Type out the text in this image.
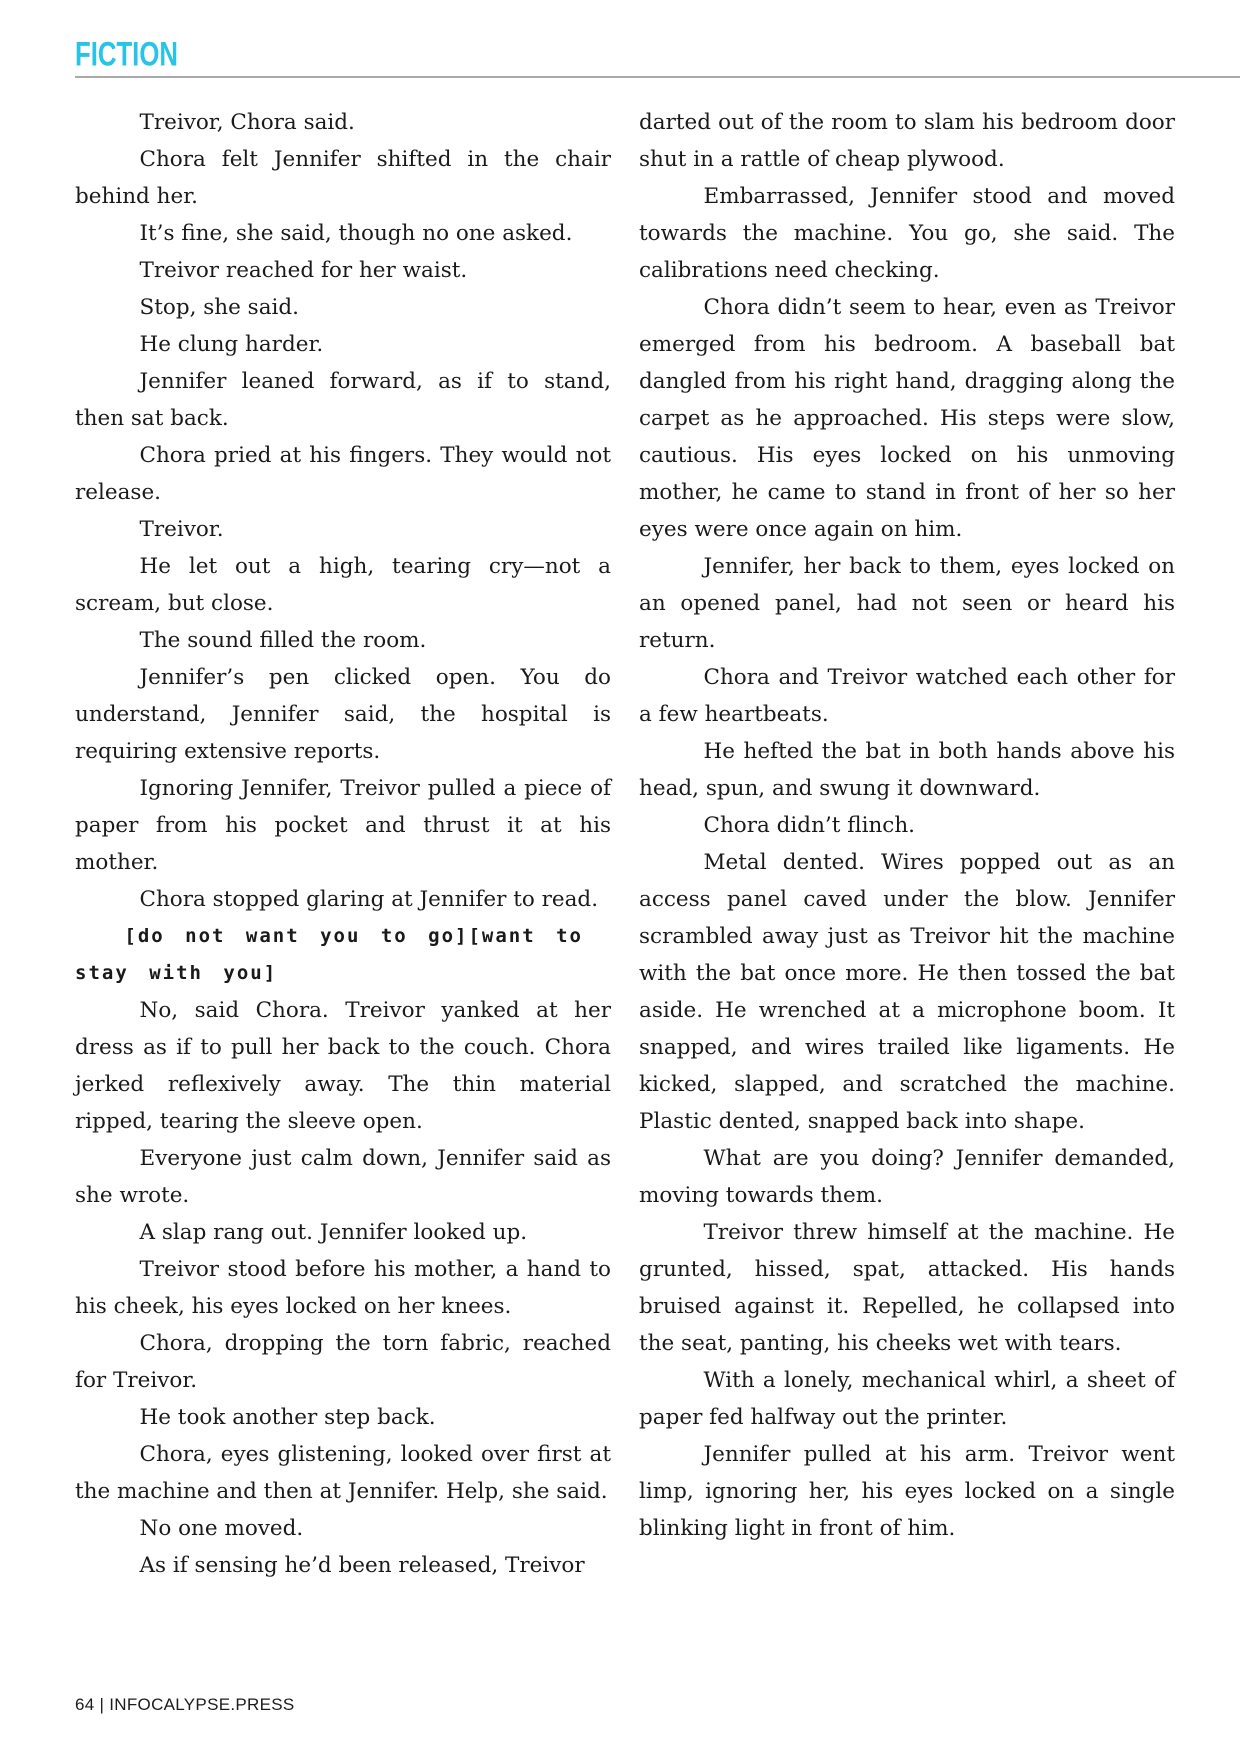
FICTION

Treivor, Chora said.

Chora felt Jennifer shifted in the chair behind her.

It’s fine, she said, though no one asked.

Treivor reached for her waist.

Stop, she said.

He clung harder.

Jennifer leaned forward, as if to stand, then sat back.

Chora pried at his fingers. They would not release.

Treivor.

He let out a high, tearing cry—not a scream, but close.

The sound filled the room.

Jennifer’s pen clicked open. You do understand, Jennifer said, the hospital is requiring extensive reports.

Ignoring Jennifer, Treivor pulled a piece of paper from his pocket and thrust it at his mother.

Chora stopped glaring at Jennifer to read.

[do not want you to go][want to stay with you]

No, said Chora. Treivor yanked at her dress as if to pull her back to the couch. Chora jerked reflexively away. The thin material ripped, tearing the sleeve open.

Everyone just calm down, Jennifer said as she wrote.

A slap rang out. Jennifer looked up.

Treivor stood before his mother, a hand to his cheek, his eyes locked on her knees.

Chora, dropping the torn fabric, reached for Treivor.

He took another step back.

Chora, eyes glistening, looked over first at the machine and then at Jennifer. Help, she said.

No one moved.

As if sensing he’d been released, Treivor

darted out of the room to slam his bedroom door shut in a rattle of cheap plywood.

Embarrassed, Jennifer stood and moved towards the machine. You go, she said. The calibrations need checking.

Chora didn’t seem to hear, even as Treivor emerged from his bedroom. A baseball bat dangled from his right hand, dragging along the carpet as he approached. His steps were slow, cautious. His eyes locked on his unmoving mother, he came to stand in front of her so her eyes were once again on him.

Jennifer, her back to them, eyes locked on an opened panel, had not seen or heard his return.

Chora and Treivor watched each other for a few heartbeats.

He hefted the bat in both hands above his head, spun, and swung it downward.

Chora didn’t flinch.

Metal dented. Wires popped out as an access panel caved under the blow. Jennifer scrambled away just as Treivor hit the machine with the bat once more. He then tossed the bat aside. He wrenched at a microphone boom. It snapped, and wires trailed like ligaments. He kicked, slapped, and scratched the machine. Plastic dented, snapped back into shape.

What are you doing? Jennifer demanded, moving towards them.

Treivor threw himself at the machine. He grunted, hissed, spat, attacked. His hands bruised against it. Repelled, he collapsed into the seat, panting, his cheeks wet with tears.

With a lonely, mechanical whirl, a sheet of paper fed halfway out the printer.

Jennifer pulled at his arm. Treivor went limp, ignoring her, his eyes locked on a single blinking light in front of him.

64 | INFOCALYPSE.PRESS
